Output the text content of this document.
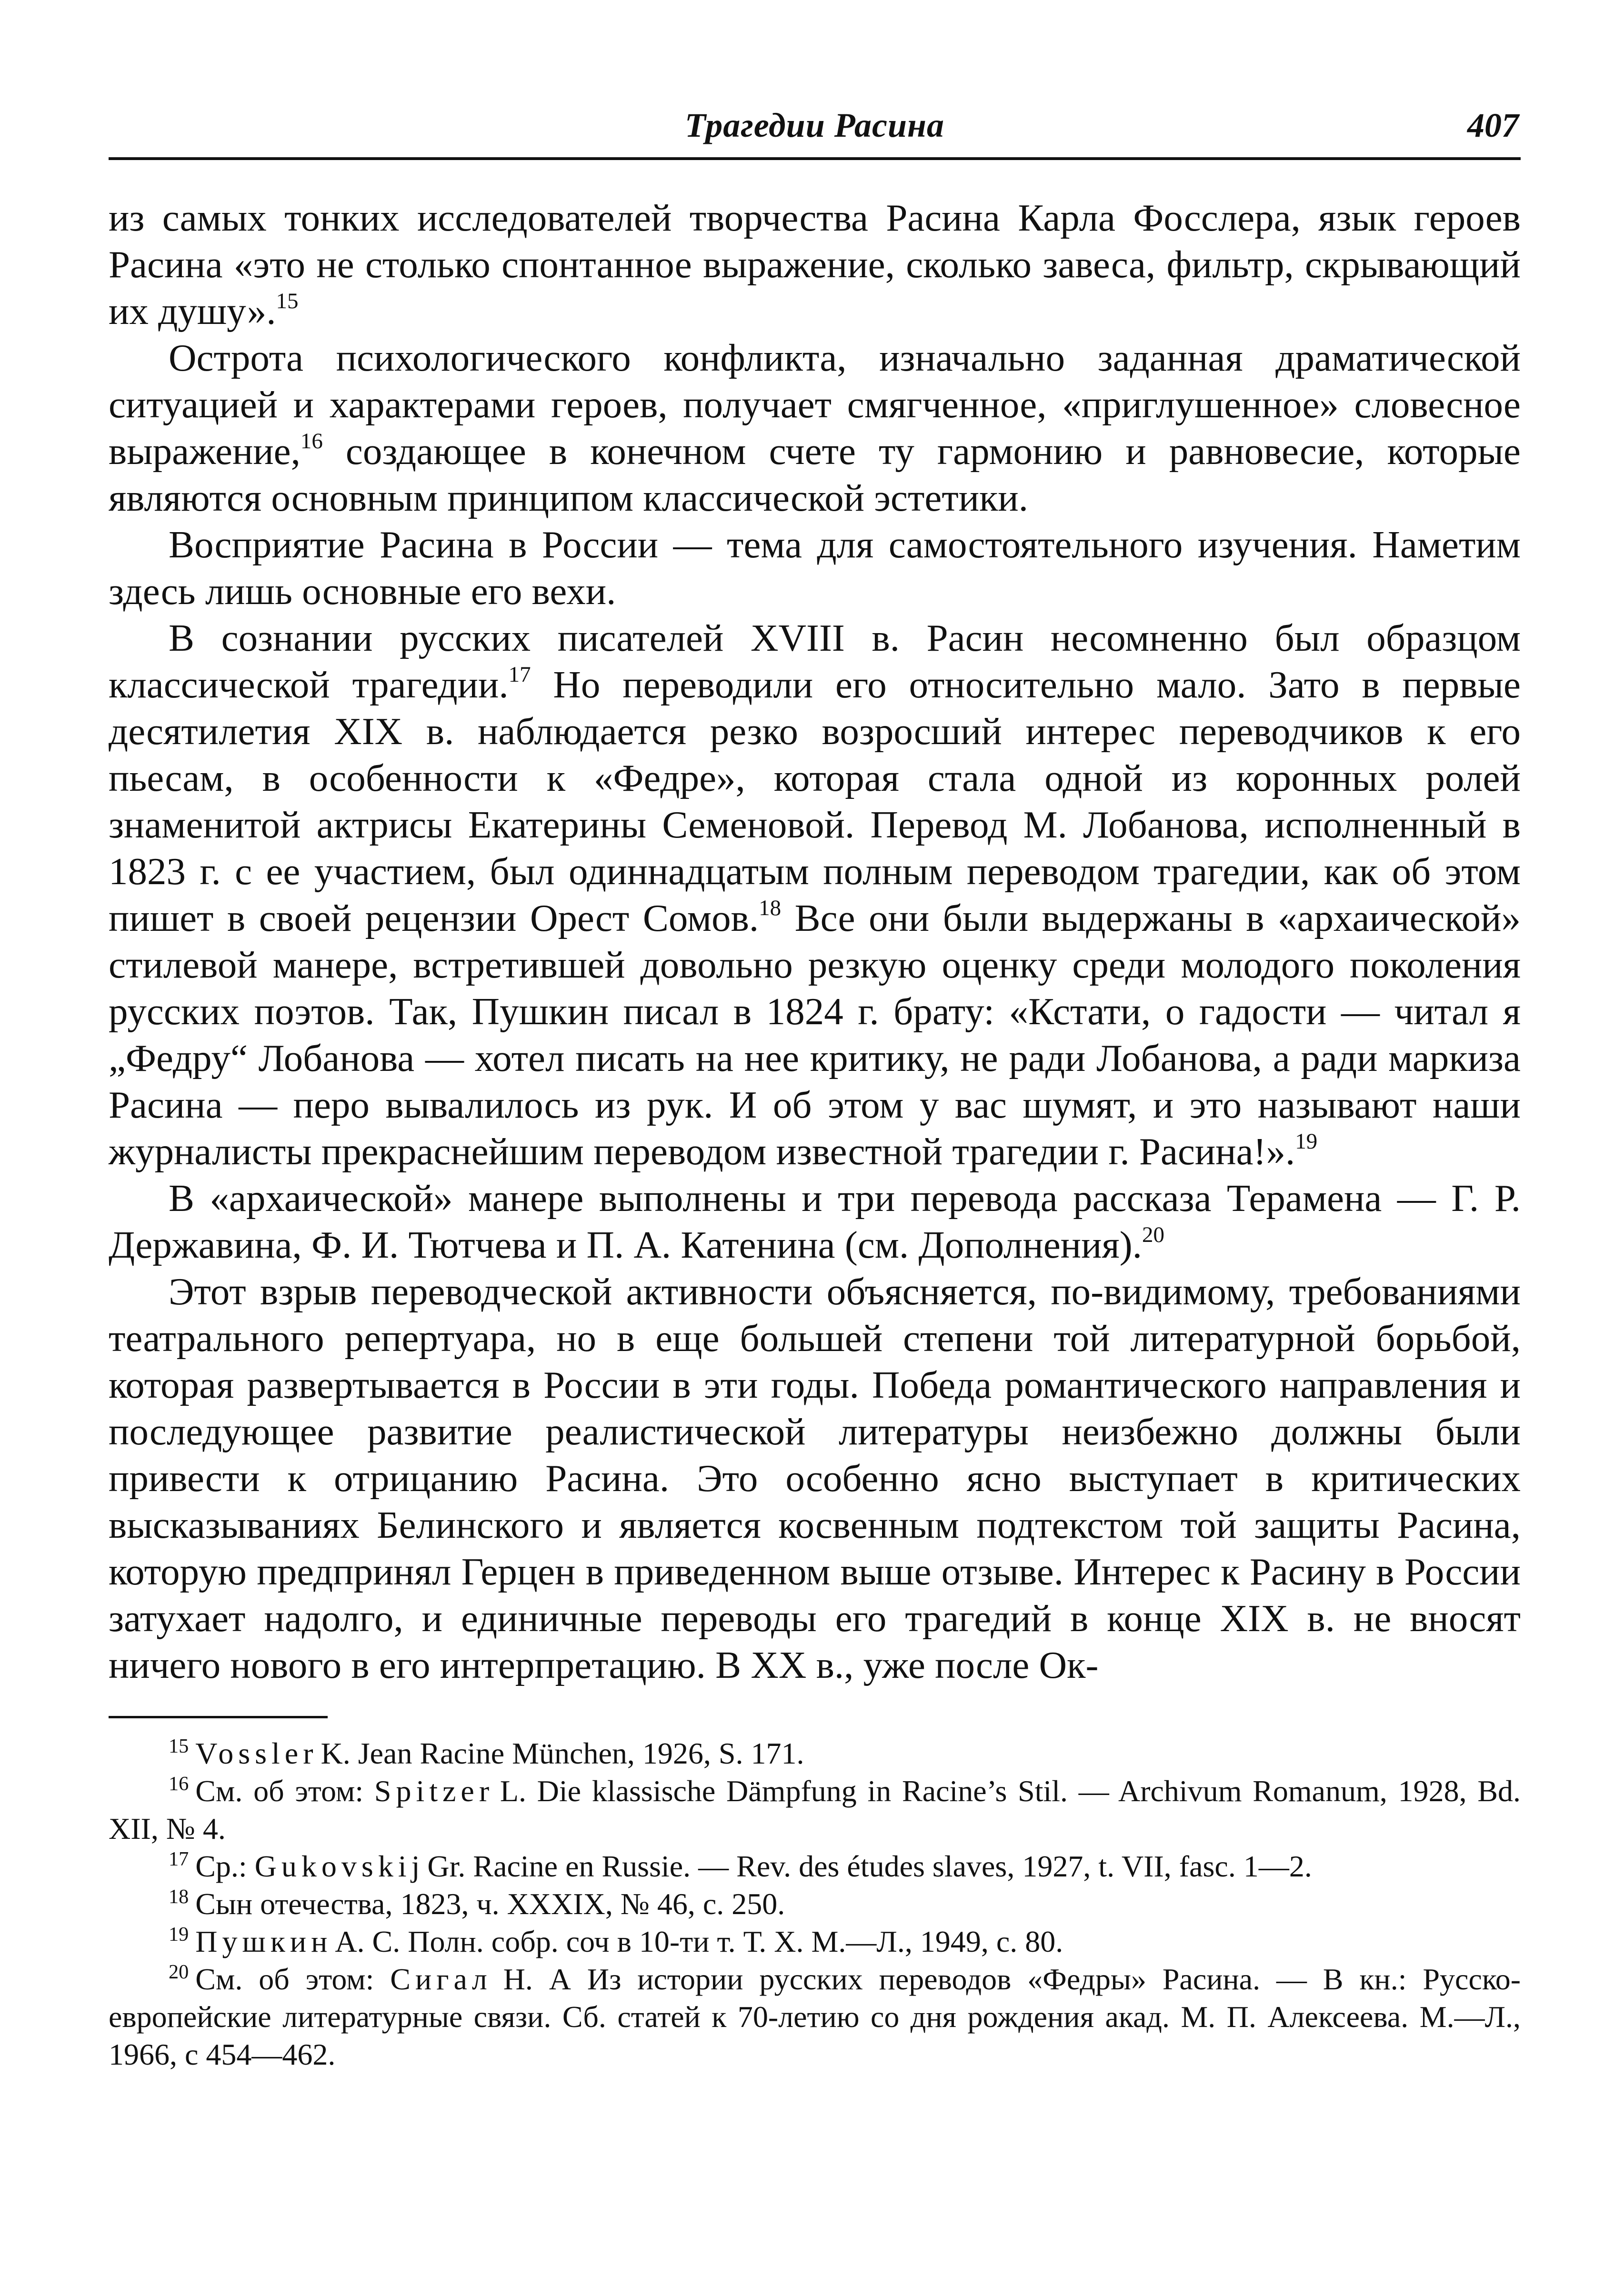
Трагедии Расина	407

из самых тонких исследователей творчества Расина Карла Фосслера, язык героев Расина «это не столько спонтанное выражение, сколько завеса, фильтр, скрывающий их душу».$^{15}$

Острота психологического конфликта, изначально заданная драматической ситуацией и характерами героев, получает смягченное, «приглушенное» словесное выражение,$^{16}$ создающее в конечном счете ту гармонию и равновесие, которые являются основным принципом классической эстетики.

Восприятие Расина в России — тема для самостоятельного изучения. Наметим здесь лишь основные его вехи.

В сознании русских писателей XVIII в. Расин несомненно был образцом классической трагедии.$^{17}$ Но переводили его относительно мало. Зато в первые десятилетия XIX в. наблюдается резко возросший интерес переводчиков к его пьесам, в особенности к «Федре», которая стала одной из коронных ролей знаменитой актрисы Екатерины Семеновой. Перевод М. Лобанова, исполненный в 1823 г. с ее участием, был одиннадцатым полным переводом трагедии, как об этом пишет в своей рецензии Орест Сомов.$^{18}$ Все они были выдержаны в «архаической» стилевой манере, встретившей довольно резкую оценку среди молодого поколения русских поэтов. Так, Пушкин писал в 1824 г. брату: «Кстати, о гадости — читал я „Федру“ Лобанова — хотел писать на нее критику, не ради Лобанова, а ради маркиза Расина — перо вывалилось из рук. И об этом у вас шумят, и это называют наши журналисты прекраснейшим переводом известной трагедии г. Расина!».$^{19}$

В «архаической» манере выполнены и три перевода рассказа Терамена — Г. Р. Державина, Ф. И. Тютчева и П. А. Катенина (см. Дополнения).$^{20}$

Этот взрыв переводческой активности объясняется, по-видимому, требованиями театрального репертуара, но в еще большей степени той литературной борьбой, которая развертывается в России в эти годы. Победа романтического направления и последующее развитие реалистической литературы неизбежно должны были привести к отрицанию Расина. Это особенно ясно выступает в критических высказываниях Белинского и является косвенным подтекстом той защиты Расина, которую предпринял Герцен в приведенном выше отзыве. Интерес к Расину в России затухает надолго, и единичные переводы его трагедий в конце XIX в. не вносят ничего нового в его интерпретацию. В XX в., уже после Ок-

$^{15}$ Vossler K. Jean Racine München, 1926, S. 171.

$^{16}$ См. об этом: Spitzer L. Die klassische Dämpfung in Racine’s Stil. — Archivum Romanum, 1928, Bd. XII, № 4.

$^{17}$ Ср.: Gukovskij Gr. Racine en Russie. — Rev. des études slaves, 1927, t. VII, fasc. 1—2.

$^{18}$ Сын отечества, 1823, ч. XXXIX, № 46, с. 250.

$^{19}$ Пушкин А. С. Полн. собр. соч в 10-ти т. Т. X. М.—Л., 1949, с. 80.

$^{20}$ См. об этом: Сигал Н. А Из истории русских переводов «Федры» Расина. — В кн.: Русско-европейские литературные связи. Сб. статей к 70-летию со дня рождения акад. М. П. Алексеева. М.—Л., 1966, с 454—462.
